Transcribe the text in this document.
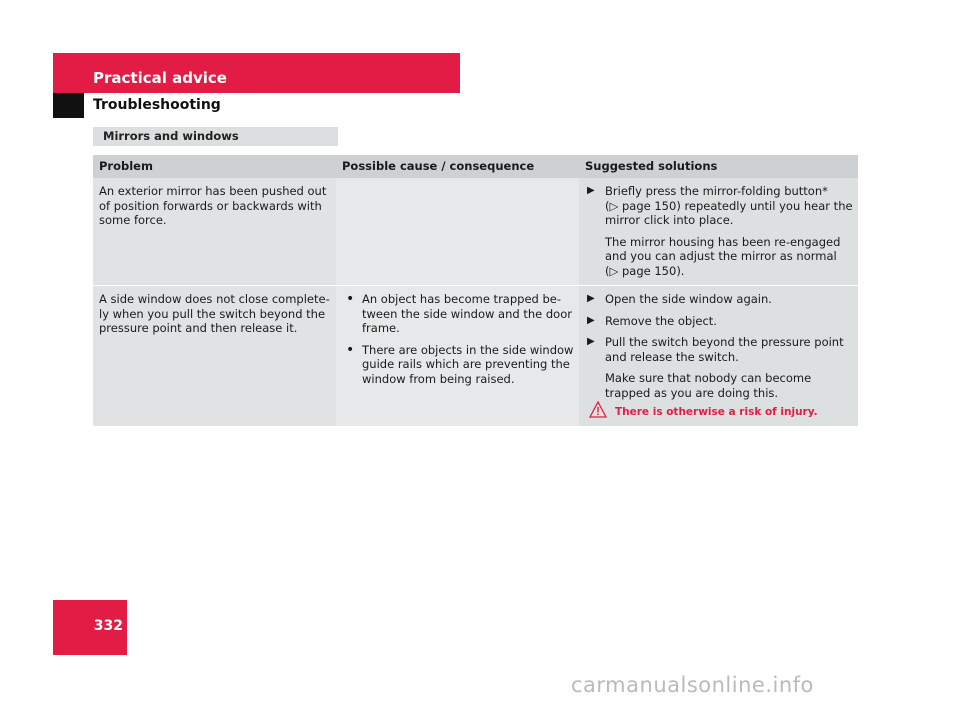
Practical advice
Troubleshooting
Mirrors and windows
Problem	Possible cause / consequence	Suggested solutions
An exterior mirror has been pushed out
of position forwards or backwards with
some force.
▶ Briefly press the mirror-folding button*
(▷ page 150) repeatedly until you hear the
mirror click into place.
The mirror housing has been re-engaged
and you can adjust the mirror as normal
(▷ page 150).
A side window does not close complete-
ly when you pull the switch beyond the
pressure point and then release it.
• An object has become trapped be-
tween the side window and the door
frame.
• There are objects in the side window
guide rails which are preventing the
window from being raised.
▶ Open the side window again.
▶ Remove the object.
▶ Pull the switch beyond the pressure point
and release the switch.
Make sure that nobody can become
trapped as you are doing this.
There is otherwise a risk of injury.
332
carmanualsonline.info
